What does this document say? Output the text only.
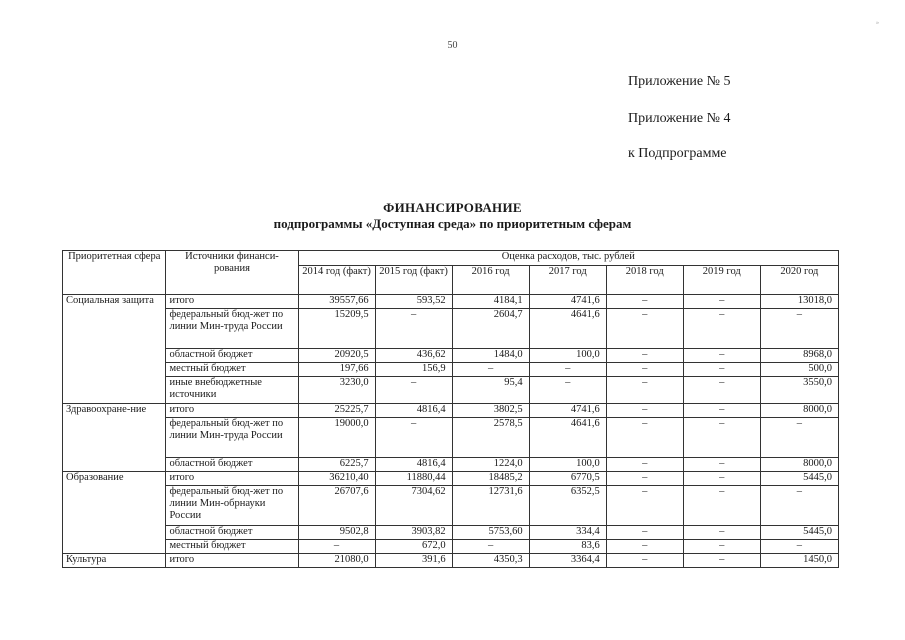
50
»
Приложение № 5
Приложение № 4
к Подпрограмме
ФИНАНСИРОВАНИЕ
подпрограммы «Доступная среда» по приоритетным сферам
Приоритетная сфера	Источники финанси-рования	Оценка расходов, тыс. рублей						
		2014 год (факт)	2015 год (факт)	2016 год	2017 год	2018 год	2019 год	2020 год
Социальная защита	итого	39557,66	593,52	4184,1	4741,6	–	–	13018,0
	федеральный бюд-жет по линии Мин-труда России	15209,5	–	2604,7	4641,6	–	–	–
	областной бюджет	20920,5	436,62	1484,0	100,0	–	–	8968,0
	местный бюджет	197,66	156,9	–	–	–	–	500,0
	иные внебюджетные источники	3230,0	–	95,4	–	–	–	3550,0
Здравоохране-ние	итого	25225,7	4816,4	3802,5	4741,6	–	–	8000,0
	федеральный бюд-жет по линии Мин-труда России	19000,0	–	2578,5	4641,6	–	–	–
	областной бюджет	6225,7	4816,4	1224,0	100,0	–	–	8000,0
Образование	итого	36210,40	11880,44	18485,2	6770,5	–	–	5445,0
	федеральный бюд-жет по линии Мин-обрнауки России	26707,6	7304,62	12731,6	6352,5	–	–	–
	областной бюджет	9502,8	3903,82	5753,60	334,4	–	–	5445,0
	местный бюджет	–	672,0	–	83,6	–	–	–
Культура	итого	21080,0	391,6	4350,3	3364,4	–	–	1450,0
